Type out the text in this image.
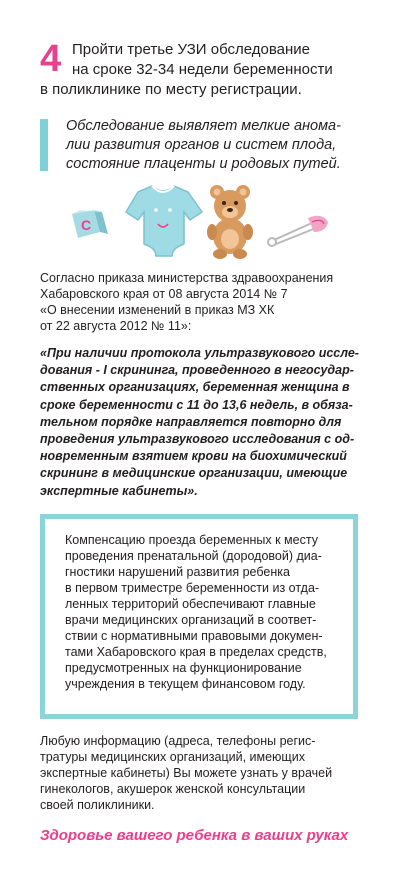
4 Пройти третье УЗИ обследование
на сроке 32-34 недели беременности
в поликлинике по месту регистрации.
Обследование выявляет мелкие анома-
лии развития органов и систем плода,
состояние плаценты и родовых путей.
C
Согласно приказа министерства здравоохранения
Хабаровского края от 08 августа 2014 № 7
«О внесении изменений в приказ МЗ ХК
от 22 августа 2012 № 11»:
«При наличии протокола ультразвукового иссле-
дования - I скрининга, проведенного в негосудар-
ственных организациях, беременная женщина в
сроке беременности с 11 до 13,6 недель, в обяза-
тельном порядке направляется повторно для
проведения ультразвукового исследования с од-
новременным взятием крови на биохимический
скрининг в медицинские организации, имеющие
экспертные кабинеты».
Компенсацию проезда беременных к месту
проведения пренатальной (дородовой) диа-
гностики нарушений развития ребенка
в первом триместре беременности из отда-
ленных территорий обеспечивают главные
врачи медицинских организаций в соответ-
ствии с нормативными правовыми докумен-
тами Хабаровского края в пределах средств,
предусмотренных на функционирование
учреждения в текущем финансовом году.
Любую информацию (адреса, телефоны регис-
тратуры медицинских организаций, имеющих
экспертные кабинеты) Вы можете узнать у врачей
гинекологов, акушерок женской консультации
своей поликлиники.
Здоровье вашего ребенка в ваших руках
